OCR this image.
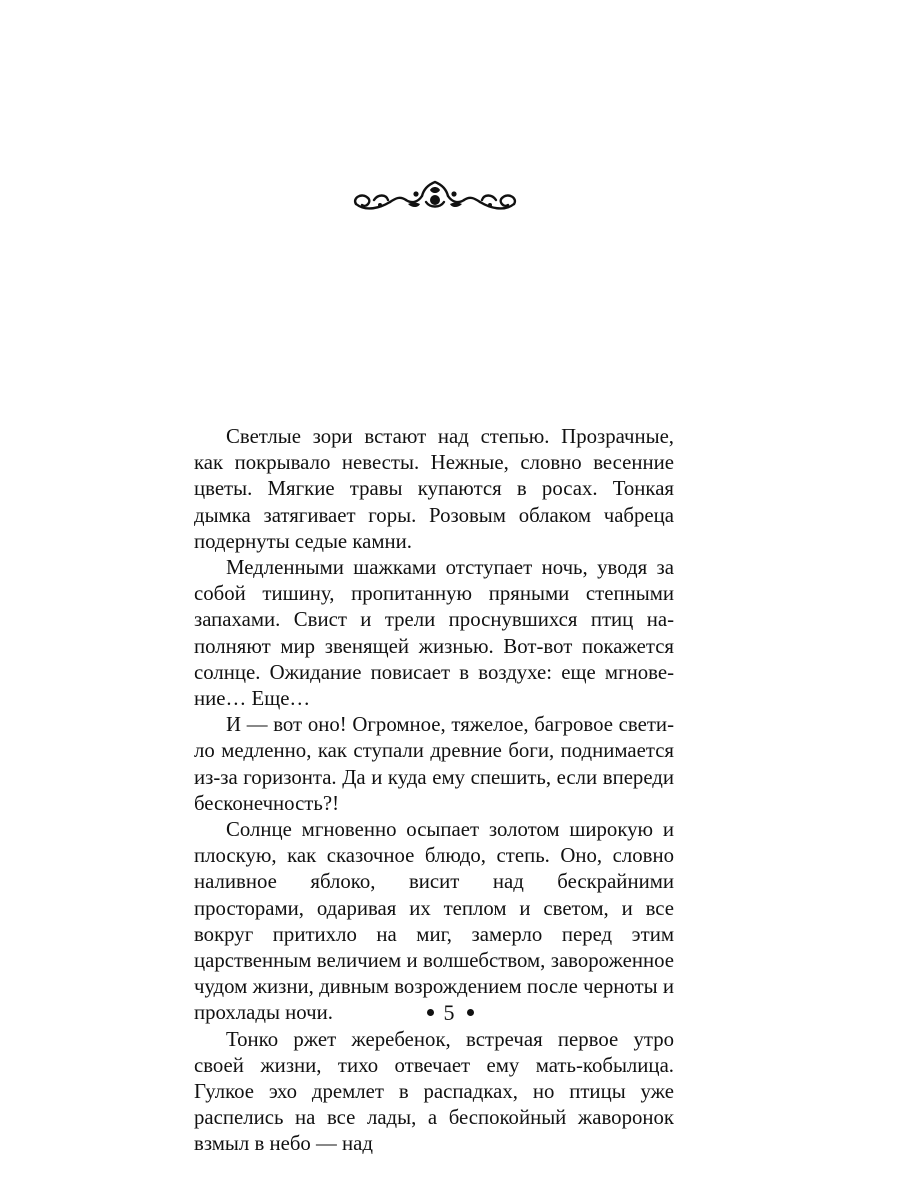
Светлые зори встают над степью. Прозрачные, как покрывало невесты. Нежные, словно весенние цветы. Мягкие травы купаются в росах. Тонкая дымка затягивает горы. Розовым облаком чабреца подернуты седые камни.

Медленными шажками отступает ночь, уводя за собой тишину, пропитанную пряными степными запахами. Свист и трели проснувшихся птиц наполняют мир звенящей жизнью. Вот-вот покажется солнце. Ожидание повисает в воздухе: еще мгновение… Еще…

И — вот оно! Огромное, тяжелое, багровое светило медленно, как ступали древние боги, поднимается из-за горизонта. Да и куда ему спешить, если впереди бесконечность?!

Солнце мгновенно осыпает золотом широкую и плоскую, как сказочное блюдо, степь. Оно, словно наливное яблоко, висит над бескрайними просторами, одаривая их теплом и светом, и все вокруг притихло на миг, замерло перед этим царственным величием и волшебством, завороженное чудом жизни, дивным возрождением после черноты и прохлады ночи.

Тонко ржет жеребенок, встречая первое утро своей жизни, тихо отвечает ему мать-кобылица. Гулкое эхо дремлет в распадках, но птицы уже распелись на все лады, а беспокойный жаворонок взмыл в небо — над

5
